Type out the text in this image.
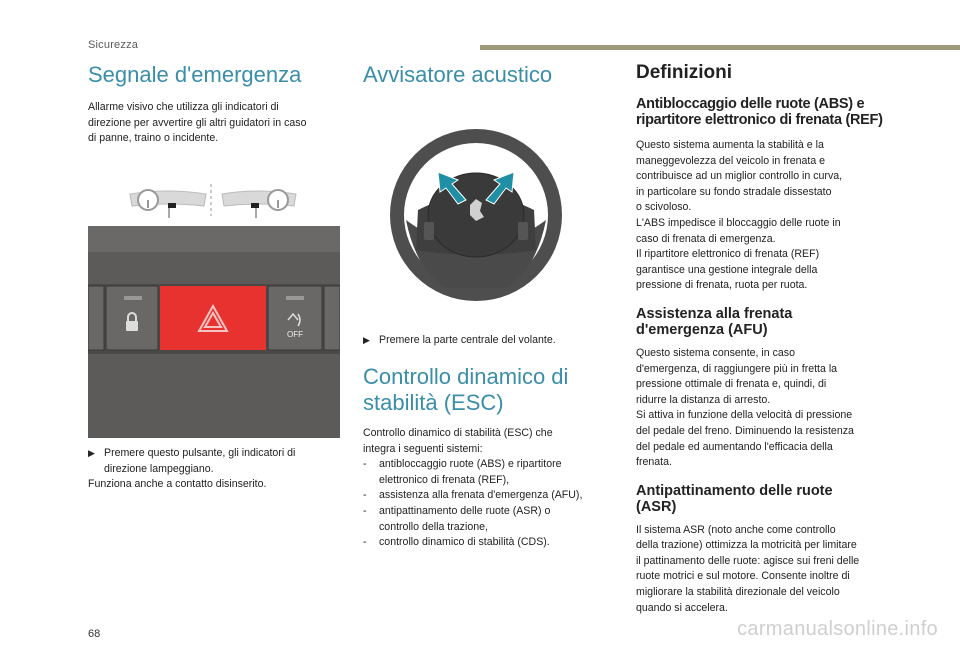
Sicurezza
Segnale d'emergenza
Allarme visivo che utilizza gli indicatori di
direzione per avvertire gli altri guidatori in caso
di panne, traino o incidente.
OFF
▶ Premere questo pulsante, gli indicatori di
direzione lampeggiano.
Funziona anche a contatto disinserito.
Avvisatore acustico
▶ Premere la parte centrale del volante.
Controllo dinamico di
stabilità (ESC)
Controllo dinamico di stabilità (ESC) che
integra i seguenti sistemi:
- antibloccaggio ruote (ABS) e ripartitore
elettronico di frenata (REF),
- assistenza alla frenata d'emergenza (AFU),
- antipattinamento delle ruote (ASR) o
controllo della trazione,
- controllo dinamico di stabilità (CDS).
Definizioni
Antibloccaggio delle ruote (ABS) e
ripartitore elettronico di frenata (REF)
Questo sistema aumenta la stabilità e la
maneggevolezza del veicolo in frenata e
contribuisce ad un miglior controllo in curva,
in particolare su fondo stradale dissestato
o scivoloso.
L'ABS impedisce il bloccaggio delle ruote in
caso di frenata di emergenza.
Il ripartitore elettronico di frenata (REF)
garantisce una gestione integrale della
pressione di frenata, ruota per ruota.
Assistenza alla frenata
d'emergenza (AFU)
Questo sistema consente, in caso
d'emergenza, di raggiungere più in fretta la
pressione ottimale di frenata e, quindi, di
ridurre la distanza di arresto.
Si attiva in funzione della velocità di pressione
del pedale del freno. Diminuendo la resistenza
del pedale ed aumentando l'efficacia della
frenata.
Antipattinamento delle ruote
(ASR)
Il sistema ASR (noto anche come controllo
della trazione) ottimizza la motricità per limitare
il pattinamento delle ruote: agisce sui freni delle
ruote motrici e sul motore. Consente inoltre di
migliorare la stabilità direzionale del veicolo
quando si accelera.
68	carmanualsonline.info
